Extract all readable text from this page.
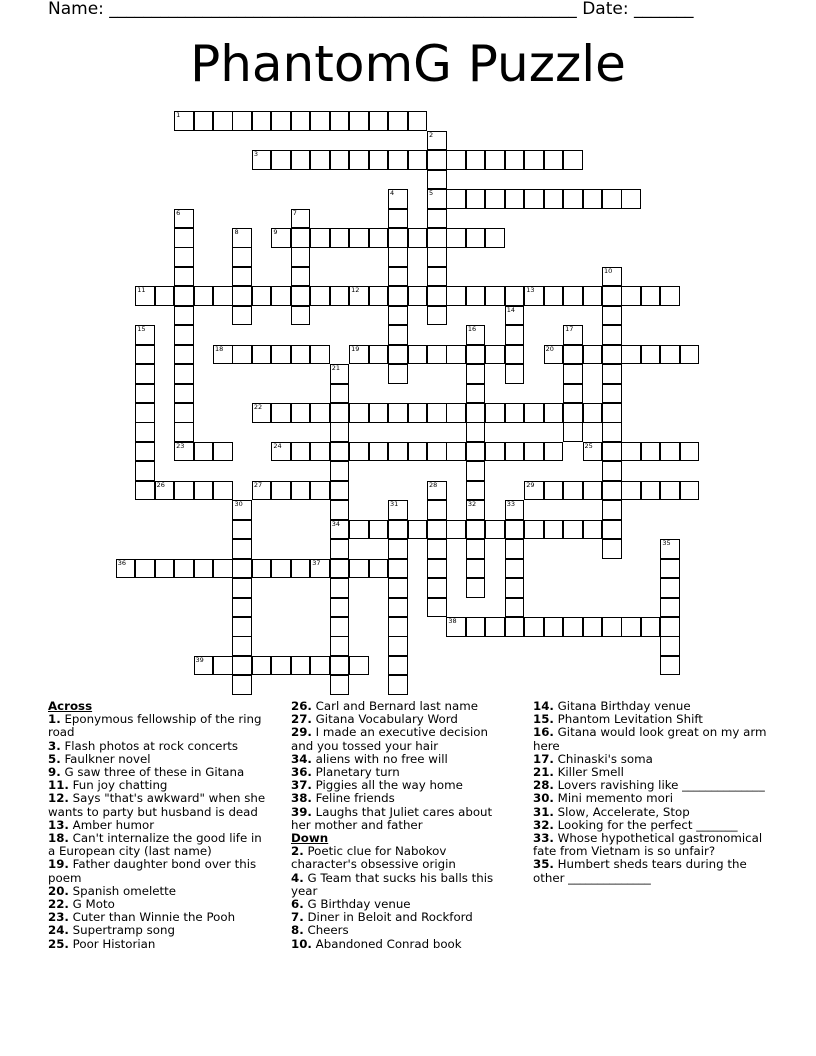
Name: _______________________________________________________ Date: _______
PhantomG Puzzle
1
2
5
3
4
6	7
8	9
10
11	12	13
14
15	16	17
18	19	20
21
34
22
23	24	25
26	27	28	29
30	31	32	33
35
36	37
38
39
Across
1. Eponymous fellowship of the ring road
3. Flash photos at rock concerts
5. Faulkner novel
9. G saw three of these in Gitana
11. Fun joy chatting
12. Says "that's awkward" when she wants to party but husband is dead
13. Amber humor
18. Can't internalize the good life in a European city (last name)
19. Father daughter bond over this poem
20. Spanish omelette
22. G Moto
23. Cuter than Winnie the Pooh
24. Supertramp song
25. Poor Historian
26. Carl and Bernard last name
27. Gitana Vocabulary Word
29. I made an executive decision and you tossed your hair
34. aliens with no free will
36. Planetary turn
37. Piggies all the way home
38. Feline friends
39. Laughs that Juliet cares about her mother and father
Down
2. Poetic clue for Nabokov character's obsessive origin
4. G Team that sucks his balls this year
6. G Birthday venue
7. Diner in Beloit and Rockford
8. Cheers
10. Abandoned Conrad book
14. Gitana Birthday venue
15. Phantom Levitation Shift
16. Gitana would look great on my arm here
17. Chinaski's soma
21. Killer Smell
28. Lovers ravishing like ______________
30. Mini memento mori
31. Slow, Accelerate, Stop
32. Looking for the perfect _______
33. Whose hypothetical gastronomical fate from Vietnam is so unfair?
35. Humbert sheds tears during the other ______________
